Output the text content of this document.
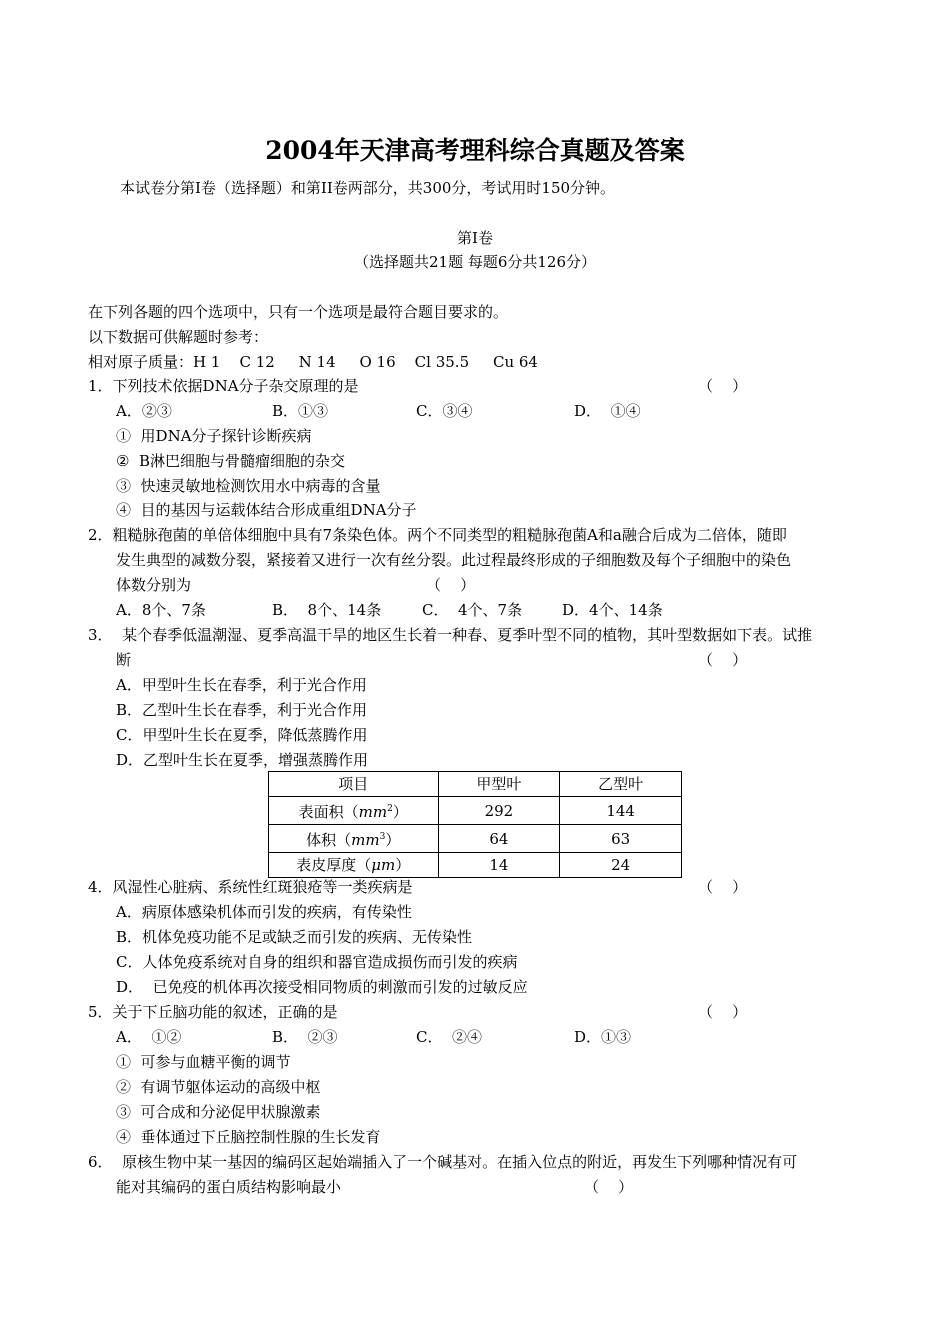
2004年天津高考理科综合真题及答案
本试卷分第I卷（选择题）和第II卷两部分，共300分，考试用时150分钟。
第I卷
（选择题共21题 每题6分共126分）
在下列各题的四个选项中，只有一个选项是最符合题目要求的。
以下数据可供解题时参考：
相对原子质量：H 1    C 12     N 14     O 16    Cl 35.5     Cu 64
1．下列技术依据DNA分子杂交原理的是	（    ）
A．②③	B．①③	C．③④	D．  ①④
①  用DNA分子探针诊断疾病
②  B淋巴细胞与骨髓瘤细胞的杂交
③  快速灵敏地检测饮用水中病毒的含量
④  目的基因与运载体结合形成重组DNA分子
2．粗糙脉孢菌的单倍体细胞中具有7条染色体。两个不同类型的粗糙脉孢菌A和a融合后成为二倍体，随即
发生典型的减数分裂，紧接着又进行一次有丝分裂。此过程最终形成的子细胞数及每个子细胞中的染色
体数分别为	（    ）
A．8个、7条	B．  8个、14条	C．  4个、7条	D．4个、14条
3．  某个春季低温潮湿、夏季高温干旱的地区生长着一种春、夏季叶型不同的植物，其叶型数据如下表。试推
断	（    ）
A．甲型叶生长在春季，利于光合作用
B．乙型叶生长在春季，利于光合作用
C．甲型叶生长在夏季，降低蒸腾作用
D．乙型叶生长在夏季，增强蒸腾作用
项目	甲型叶	乙型叶
表面积$(mm^2)$	292	144
体积$(mm^3)$	64	63
表皮厚度（μm）	14	24
4．风湿性心脏病、系统性红斑狼疮等一类疾病是	（    ）
A．病原体感染机体而引发的疾病，有传染性
B．机体免疫功能不足或缺乏而引发的疾病、无传染性
C．人体免疫系统对自身的组织和器官造成损伤而引发的疾病
D．  已免疫的机体再次接受相同物质的刺激而引发的过敏反应
5．关于下丘脑功能的叙述，正确的是	（    ）
A．  ①②	B．  ②③	C．  ②④	D．①③
①  可参与血糖平衡的调节
②  有调节躯体运动的高级中枢
③  可合成和分泌促甲状腺激素
④  垂体通过下丘脑控制性腺的生长发育
6．  原核生物中某一基因的编码区起始端插入了一个碱基对。在插入位点的附近，再发生下列哪种情况有可
能对其编码的蛋白质结构影响最小	（    ）
